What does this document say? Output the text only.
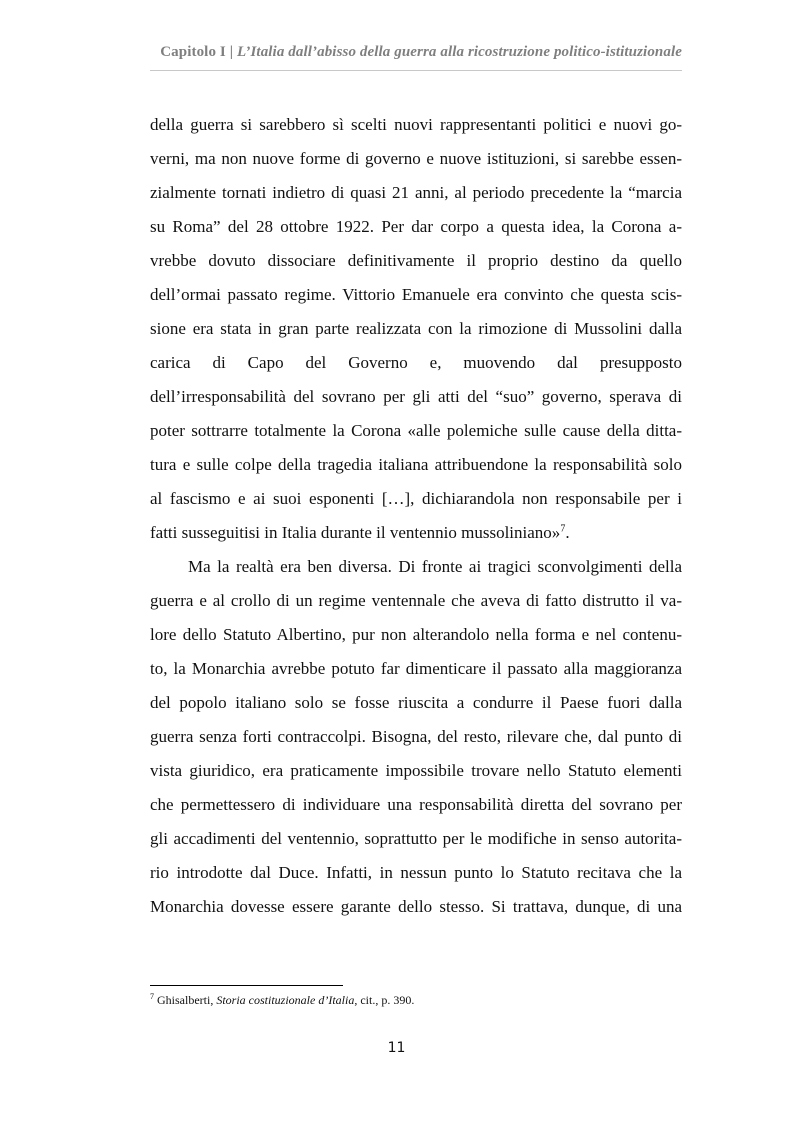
Capitolo I | L’Italia dall’abisso della guerra alla ricostruzione politico-istituzionale
della guerra si sarebbero sì scelti nuovi rappresentanti politici e nuovi go-
verni, ma non nuove forme di governo e nuove istituzioni, si sarebbe essen-
zialmente tornati indietro di quasi 21 anni, al periodo precedente la “marcia
su Roma” del 28 ottobre 1922. Per dar corpo a questa idea, la Corona a-
vrebbe dovuto dissociare definitivamente il proprio destino da quello
dell’ormai passato regime. Vittorio Emanuele era convinto che questa scis-
sione era stata in gran parte realizzata con la rimozione di Mussolini dalla
carica di Capo del Governo e, muovendo dal presupposto
dell’irresponsabilità del sovrano per gli atti del “suo” governo, sperava di
poter sottrarre totalmente la Corona «alle polemiche sulle cause della ditta-
tura e sulle colpe della tragedia italiana attribuendone la responsabilità solo
al fascismo e ai suoi esponenti […], dichiarandola non responsabile per i
fatti susseguitisi in Italia durante il ventennio mussoliniano»$^7$.
Ma la realtà era ben diversa. Di fronte ai tragici sconvolgimenti della
guerra e al crollo di un regime ventennale che aveva di fatto distrutto il va-
lore dello Statuto Albertino, pur non alterandolo nella forma e nel contenu-
to, la Monarchia avrebbe potuto far dimenticare il passato alla maggioranza
del popolo italiano solo se fosse riuscita a condurre il Paese fuori dalla
guerra senza forti contraccolpi. Bisogna, del resto, rilevare che, dal punto di
vista giuridico, era praticamente impossibile trovare nello Statuto elementi
che permettessero di individuare una responsabilità diretta del sovrano per
gli accadimenti del ventennio, soprattutto per le modifiche in senso autorita-
rio introdotte dal Duce. Infatti, in nessun punto lo Statuto recitava che la
Monarchia dovesse essere garante dello stesso. Si trattava, dunque, di una
$^7$ Ghisalberti, Storia costituzionale d’Italia, cit., p. 390.
11
